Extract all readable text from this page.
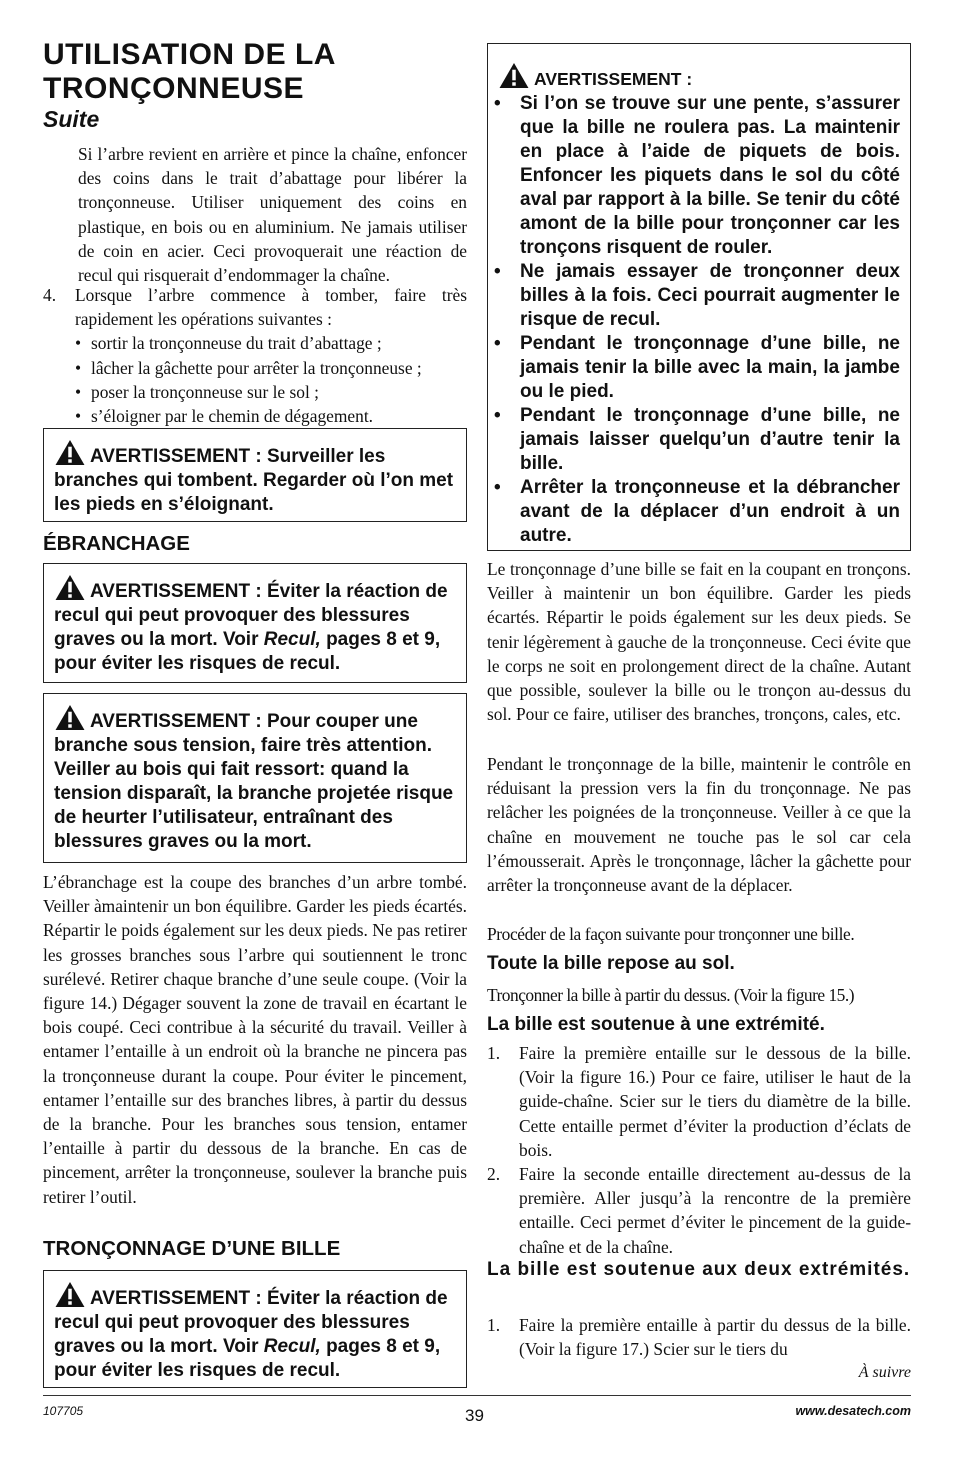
UTILISATION DE LA
TRONÇONNEUSE
Suite
Si l’arbre revient en arrière et pince la chaîne, enfoncer des coins dans le trait d’abattage pour libérer la tronçonneuse. Utiliser uniquement des coins en plastique, en bois ou en aluminium. Ne jamais utiliser de coin en acier. Ceci provoquerait une réaction de recul qui risquerait d’endommager la chaîne.
4. Lorsque l’arbre commence à tomber, faire très rapidement les opérations suivantes :
• sortir la tronçonneuse du trait d’abattage ;
• lâcher la gâchette pour arrêter la tronçonneuse ;
• poser la tronçonneuse sur le sol ;
• s’éloigner par le chemin de dégagement.
AVERTISSEMENT : Surveiller les branches qui tombent. Regarder où l’on met les pieds en s’éloignant.
ÉBRANCHAGE
AVERTISSEMENT : Éviter la réaction de recul qui peut provoquer des blessures graves ou la mort. Voir Recul, pages 8 et 9, pour éviter les risques de recul.
AVERTISSEMENT : Pour couper une branche sous tension, faire très attention. Veiller au bois qui fait ressort: quand la tension disparaît, la branche projetée risque de heurter l’utilisateur, entraînant des blessures graves ou la mort.
L’ébranchage est la coupe des branches d’un arbre tombé. Veiller àmaintenir un bon équilibre. Garder les pieds écartés. Répartir le poids également sur les deux pieds. Ne pas retirer les grosses branches sous l’arbre qui soutiennent le tronc surélevé. Retirer chaque branche d’une seule coupe. (Voir la figure 14.) Dégager souvent la zone de travail en écartant le bois coupé. Ceci contribue à la sécurité du travail. Veiller à entamer l’entaille à un endroit où la branche ne pincera pas la tronçonneuse durant la coupe. Pour éviter le pincement, entamer l’entaille sur des branches libres, à partir du dessus de la branche. Pour les branches sous tension, entamer l’entaille à partir du dessous de la branche. En cas de pincement, arrêter la tronçonneuse, soulever la branche puis retirer l’outil.
TRONÇONNAGE D’UNE BILLE
AVERTISSEMENT : Éviter la réaction de recul qui peut provoquer des blessures graves ou la mort. Voir Recul, pages 8 et 9, pour éviter les risques de recul.
AVERTISSEMENT :
• Si l’on se trouve sur une pente, s’assurer que la bille ne roulera pas. La maintenir en place à l’aide de piquets de bois. Enfoncer les piquets dans le sol du côté aval par rapport à la bille. Se tenir du côté amont de la bille pour tronçonner car les tronçons risquent de rouler.
• Ne jamais essayer de tronçonner deux billes à la fois. Ceci pourrait augmenter le risque de recul.
• Pendant le tronçonnage d’une bille, ne jamais tenir la bille avec la main, la jambe ou le pied.
• Pendant le tronçonnage d’une bille, ne jamais laisser quelqu’un d’autre tenir la bille.
• Arrêter la tronçonneuse et la débrancher avant de la déplacer d’un endroit à un autre.
Le tronçonnage d’une bille se fait en la coupant en tronçons. Veiller à maintenir un bon équilibre. Garder les pieds écartés. Répartir le poids également sur les deux pieds. Se tenir légèrement à gauche de la tronçonneuse. Ceci évite que le corps ne soit en prolongement direct de la chaîne. Autant que possible, soulever la bille ou le tronçon au-dessus du sol. Pour ce faire, utiliser des branches, tronçons, cales, etc.
Pendant le tronçonnage de la bille, maintenir le contrôle en réduisant la pression vers la fin du tronçonnage. Ne pas relâcher les poignées de la tronçonneuse. Veiller à ce que la chaîne en mouvement ne touche pas le sol car cela l’émousserait. Après le tronçonnage, lâcher la gâchette pour arrêter la tronçonneuse avant de la déplacer.
Procéder de la façon suivante pour tronçonner une bille.
Toute la bille repose au sol.
Tronçonner la bille à partir du dessus. (Voir la figure 15.)
La bille est soutenue à une extrémité.
1. Faire la première entaille sur le dessous de la bille. (Voir la figure 16.) Pour ce faire, utiliser le haut de la guide-chaîne. Scier sur le tiers du diamètre de la bille. Cette entaille permet d’éviter la production d’éclats de bois.
2. Faire la seconde entaille directement au-dessus de la première. Aller jusqu’à la rencontre de la première entaille. Ceci permet d’éviter le pincement de la guide-chaîne et de la chaîne.
La bille est soutenue aux deux extrémités.
1. Faire la première entaille à partir du dessus de la bille. (Voir la figure 17.) Scier sur le tiers du
À suivre
107705	39	www.desatech.com
